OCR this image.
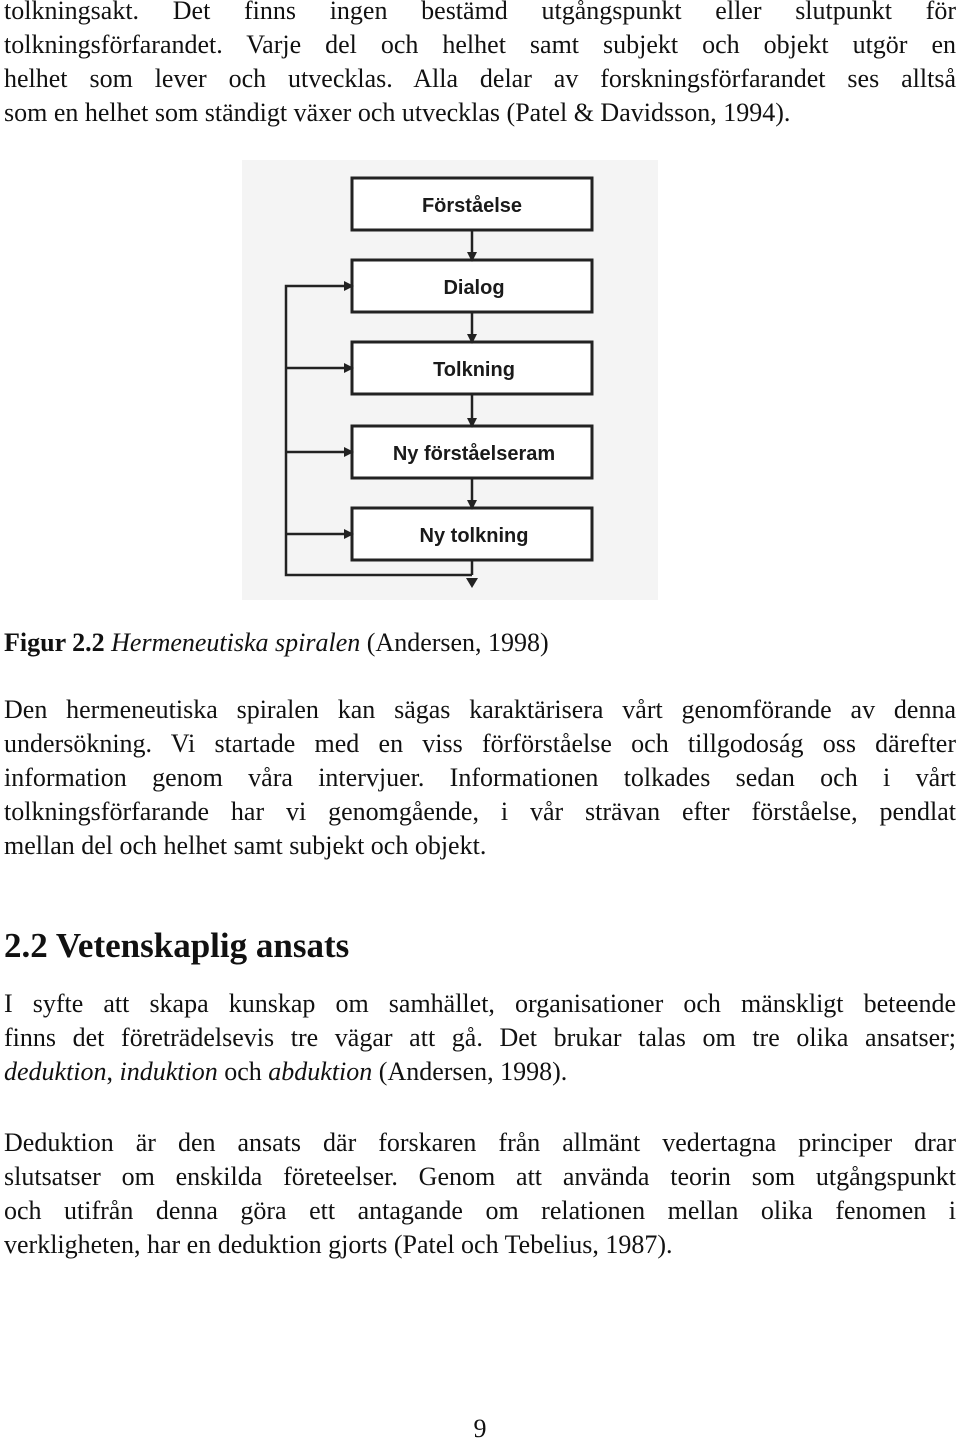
tolkningsakt. Det finns ingen bestämd utgångspunkt eller slutpunkt för
tolkningsförfarandet. Varje del och helhet samt subjekt och objekt utgör en
helhet som lever och utvecklas. Alla delar av forskningsförfarandet ses alltså
som en helhet som ständigt växer och utvecklas (Patel & Davidsson, 1994).
Förståelse
Dialog
Tolkning
Ny förståelseram
Ny tolkning
Figur 2.2 Hermeneutiska spiralen (Andersen, 1998)
Den hermeneutiska spiralen kan sägas karaktärisera vårt genomförande av denna
undersökning. Vi startade med en viss förförståelse och tillgodoság oss därefter
information genom våra intervjuer. Informationen tolkades sedan och i vårt
tolkningsförfarande har vi genomgående, i vår strävan efter förståelse, pendlat
mellan del och helhet samt subjekt och objekt.
2.2 Vetenskaplig ansats
I syfte att skapa kunskap om samhället, organisationer och mänskligt beteende
finns det företrädelsevis tre vägar att gå. Det brukar talas om tre olika ansatser;
deduktion, induktion och abduktion (Andersen, 1998).
Deduktion är den ansats där forskaren från allmänt vedertagna principer drar
slutsatser om enskilda företeelser. Genom att använda teorin som utgångspunkt
och utifrån denna göra ett antagande om relationen mellan olika fenomen i
verkligheten, har en deduktion gjorts (Patel och Tebelius, 1987).
9
